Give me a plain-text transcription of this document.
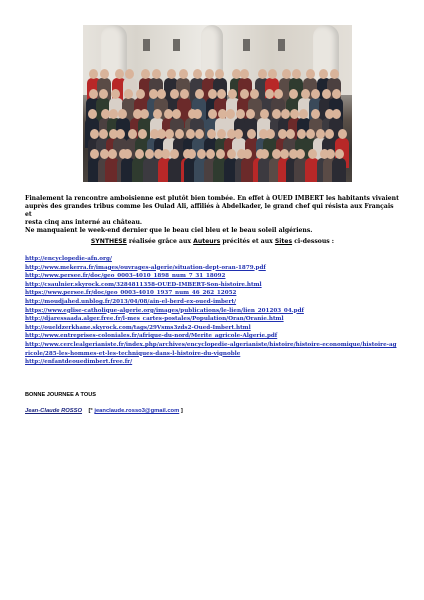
Finalement la rencontre amboisienne est plutôt bien tombée. En effet à OUED IMBERT les habitants vivaient
auprès des grandes tribus comme les Oulad Ali, affiliés à Abdelkader, le grand chef qui résista aux Français et
resta cinq ans interné au château.
Ne manquaient le week-end dernier que le beau ciel bleu et le beau soleil algériens.
SYNTHESE réalisée grâce aux Auteurs précités et aux Sites ci-dessous :
http://encyclopedie-afn.org/
http://www.mekerra.fr/images/ouvrages-algerie/situation-dept-oran-1879.pdf
http://www.persee.fr/doc/geo_0003-4010_1898_num_7_31_18092
http://csaulnier.skyrock.com/3284811358-OUED-IMBERT-Son-histoire.html
https://www.persee.fr/doc/geo_0003-4010_1937_num_46_262_12052
http://moudjahed.unblog.fr/2013/04/08/ain-el-berd-ex-oued-imbert/
https://www.eglise-catholique-algerie.org/images/publications/le-lien/lien_201203_04.pdf
http://djaressaada.alger.free.fr/l-mes_cartes-postales/Population/Oran/Oranie.html
http://oueldzerkhane.skyrock.com/tags/29Vsms3zds2-Oued-Imbert.html
http://www.entreprises-coloniales.fr/afrique-du-nord/Merite_agricole-Algerie.pdf
http://www.cerclealgerianiste.fr/index.php/archives/encyclopedie-algerianiste/histoire/histoire-economique/histoire-agricole/285-les-hommes-et-les-techniques-dans-l-histoire-du-vignoble
http://enfantdeouedimbert.free.fr/
BONNE JOURNEE A TOUS
Jean-Claude ROSSO [° jeanclaude.rosso3@gmail.com ]
